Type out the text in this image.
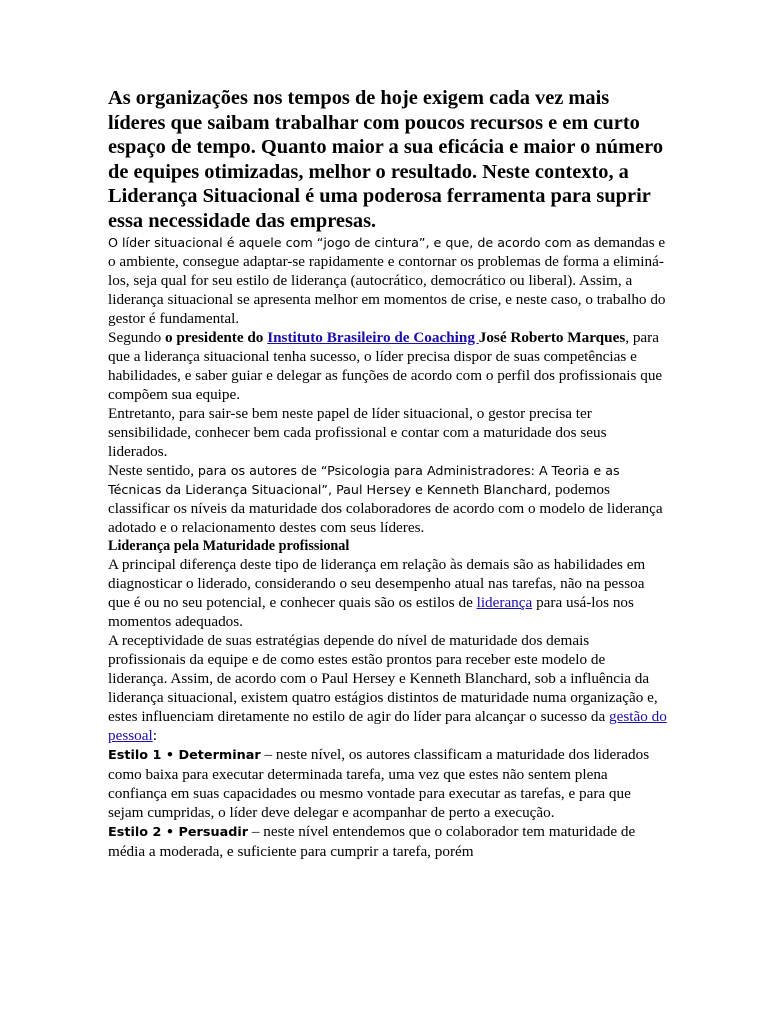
As organizações nos tempos de hoje exigem cada vez mais líderes que saibam trabalhar com poucos recursos e em curto espaço de tempo. Quanto maior a sua eficácia e maior o número de equipes otimizadas, melhor o resultado. Neste contexto, a Liderança Situacional é uma poderosa ferramenta para suprir essa necessidade das empresas.

O líder situacional é aquele com “jogo de cintura”, e que, de acordo com as demandas e o ambiente, consegue adaptar-se rapidamente e contornar os problemas de forma a eliminá-los, seja qual for seu estilo de liderança (autocrático, democrático ou liberal). Assim, a liderança situacional se apresenta melhor em momentos de crise, e neste caso, o trabalho do gestor é fundamental.

Segundo o presidente do Instituto Brasileiro de Coaching José Roberto Marques, para que a liderança situacional tenha sucesso, o líder precisa dispor de suas competências e habilidades, e saber guiar e delegar as funções de acordo com o perfil dos profissionais que compõem sua equipe.

Entretanto, para sair-se bem neste papel de líder situacional, o gestor precisa ter sensibilidade, conhecer bem cada profissional e contar com a maturidade dos seus liderados.

Neste sentido, para os autores de “Psicologia para Administradores: A Teoria e as Técnicas da Liderança Situacional”, Paul Hersey e Kenneth Blanchard, podemos classificar os níveis da maturidade dos colaboradores de acordo com o modelo de liderança adotado e o relacionamento destes com seus líderes.

Liderança pela Maturidade profissional

A principal diferença deste tipo de liderança em relação às demais são as habilidades em diagnosticar o liderado, considerando o seu desempenho atual nas tarefas, não na pessoa que é ou no seu potencial, e conhecer quais são os estilos de liderança para usá-los nos momentos adequados.

A receptividade de suas estratégias depende do nível de maturidade dos demais profissionais da equipe e de como estes estão prontos para receber este modelo de liderança. Assim, de acordo com o Paul Hersey e Kenneth Blanchard, sob a influência da liderança situacional, existem quatro estágios distintos de maturidade numa organização e, estes influenciam diretamente no estilo de agir do líder para alcançar o sucesso da gestão do pessoal:

Estilo 1 • Determinar – neste nível, os autores classificam a maturidade dos liderados como baixa para executar determinada tarefa, uma vez que estes não sentem plena confiança em suas capacidades ou mesmo vontade para executar as tarefas, e para que sejam cumpridas, o líder deve delegar e acompanhar de perto a execução.

Estilo 2 • Persuadir – neste nível entendemos que o colaborador tem maturidade de média a moderada, e suficiente para cumprir a tarefa, porém
